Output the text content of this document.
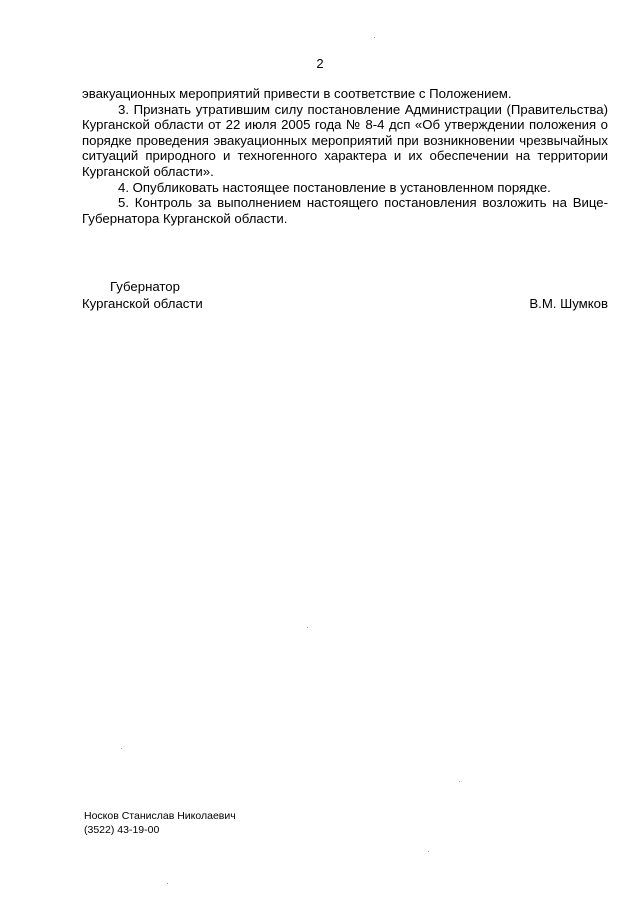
2

эвакуационных мероприятий привести в соответствие с Положением.

3. Признать утратившим силу постановление Администрации (Правительства) Курганской области от 22 июля 2005 года № 8-4 дсп «Об утверждении положения о порядке проведения эвакуационных мероприятий при возникновении чрезвычайных ситуаций природного и техногенного характера и их обеспечении на территории Курганской области».

4. Опубликовать настоящее постановление в установленном порядке.

5. Контроль за выполнением настоящего постановления возложить на Вице-Губернатора Курганской области.

Губернатор
Курганской области	В.М. Шумков
Носков Станислав Николаевич
(3522) 43-19-00
